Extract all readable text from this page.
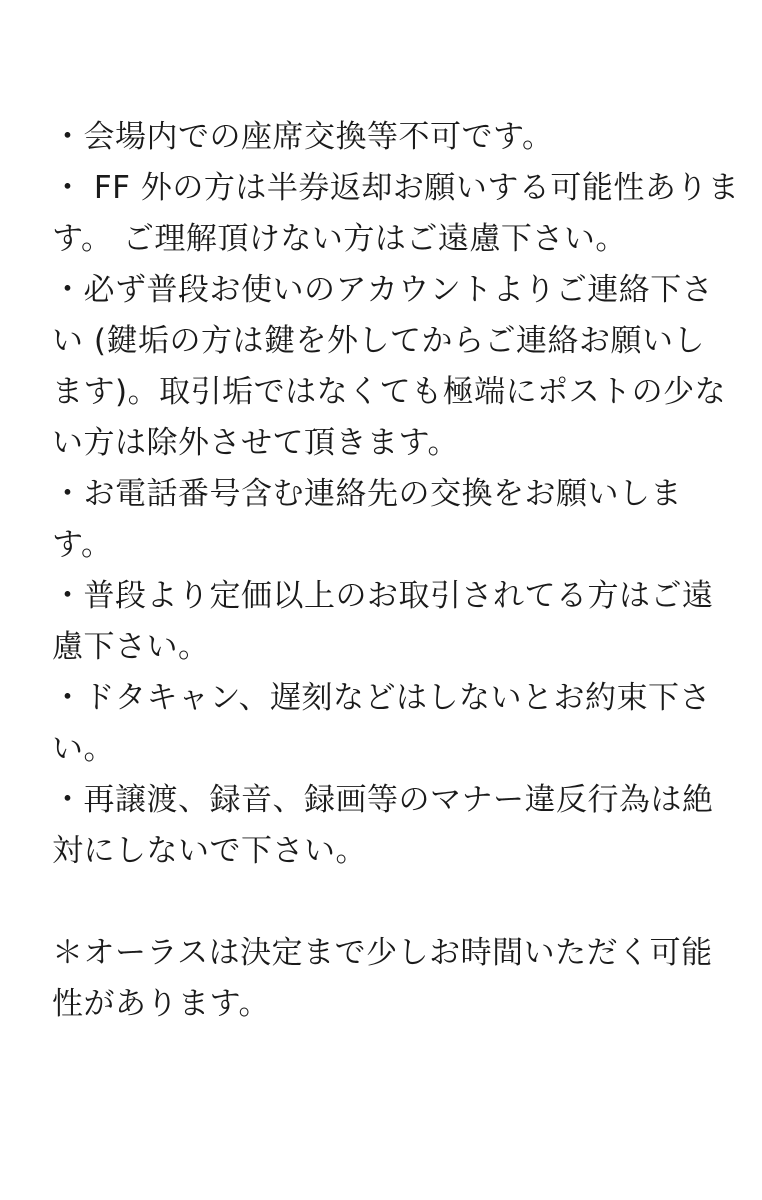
・会場内での座席交換等不可です。
・ FF 外の方は半券返却お願いする可能性ありま
す。 ご理解頂けない方はご遠慮下さい。
・必ず普段お使いのアカウントよりご連絡下さ
い (鍵垢の方は鍵を外してからご連絡お願いし
ます)。取引垢ではなくても極端にポストの少な
い方は除外させて頂きます。
・お電話番号含む連絡先の交換をお願いしま
す。
・普段より定価以上のお取引されてる方はご遠
慮下さい。
・ドタキャン、遅刻などはしないとお約束下さ
い。
・再譲渡、録音、録画等のマナー違反行為は絶
対にしないで下さい。
＊オーラスは決定まで少しお時間いただく可能
性があります。
